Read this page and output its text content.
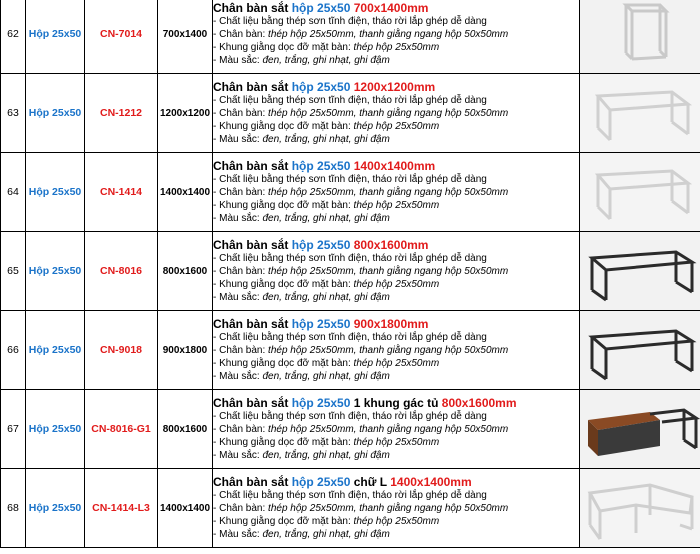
62	Hộp 25x50	CN-7014	700x1400	Chân bàn sắt hộp 25x50 700x1400mm
- Chất liệu bằng thép sơn tĩnh điện, tháo rời lắp ghép dễ dàng
- Chân bàn: thép hộp 25x50mm, thanh giằng ngang hộp 50x50mm
- Khung giằng dọc đỡ mặt bàn: thép hộp 25x50mm
- Màu sắc: đen, trắng, ghi nhạt, ghi đậm

63	Hộp 25x50	CN-1212	1200x1200	Chân bàn sắt hộp 25x50 1200x1200mm
- Chất liệu bằng thép sơn tĩnh điện, tháo rời lắp ghép dễ dàng
- Chân bàn: thép hộp 25x50mm, thanh giằng ngang hộp 50x50mm
- Khung giằng dọc đỡ mặt bàn: thép hộp 25x50mm
- Màu sắc: đen, trắng, ghi nhạt, ghi đậm

64	Hộp 25x50	CN-1414	1400x1400	Chân bàn sắt hộp 25x50 1400x1400mm
- Chất liệu bằng thép sơn tĩnh điện, tháo rời lắp ghép dễ dàng
- Chân bàn: thép hộp 25x50mm, thanh giằng ngang hộp 50x50mm
- Khung giằng dọc đỡ mặt bàn: thép hộp 25x50mm
- Màu sắc: đen, trắng, ghi nhạt, ghi đậm

65	Hộp 25x50	CN-8016	800x1600	Chân bàn sắt hộp 25x50 800x1600mm
- Chất liệu bằng thép sơn tĩnh điện, tháo rời lắp ghép dễ dàng
- Chân bàn: thép hộp 25x50mm, thanh giằng ngang hộp 50x50mm
- Khung giằng dọc đỡ mặt bàn: thép hộp 25x50mm
- Màu sắc: đen, trắng, ghi nhạt, ghi đậm

66	Hộp 25x50	CN-9018	900x1800	Chân bàn sắt hộp 25x50 900x1800mm
- Chất liệu bằng thép sơn tĩnh điện, tháo rời lắp ghép dễ dàng
- Chân bàn: thép hộp 25x50mm, thanh giằng ngang hộp 50x50mm
- Khung giằng dọc đỡ mặt bàn: thép hộp 25x50mm
- Màu sắc: đen, trắng, ghi nhạt, ghi đậm

67	Hộp 25x50	CN-8016-G1	800x1600	Chân bàn sắt hộp 25x50 1 khung gác tủ 800x1600mm
- Chất liệu bằng thép sơn tĩnh điện, tháo rời lắp ghép dễ dàng
- Chân bàn: thép hộp 25x50mm, thanh giằng ngang hộp 50x50mm
- Khung giằng dọc đỡ mặt bàn: thép hộp 25x50mm
- Màu sắc: đen, trắng, ghi nhạt, ghi đậm

68	Hộp 25x50	CN-1414-L3	1400x1400	Chân bàn sắt hộp 25x50 chữ L 1400x1400mm
- Chất liệu bằng thép sơn tĩnh điện, tháo rời lắp ghép dễ dàng
- Chân bàn: thép hộp 25x50mm, thanh giằng ngang hộp 50x50mm
- Khung giằng dọc đỡ mặt bàn: thép hộp 25x50mm
- Màu sắc: đen, trắng, ghi nhạt, ghi đậm
